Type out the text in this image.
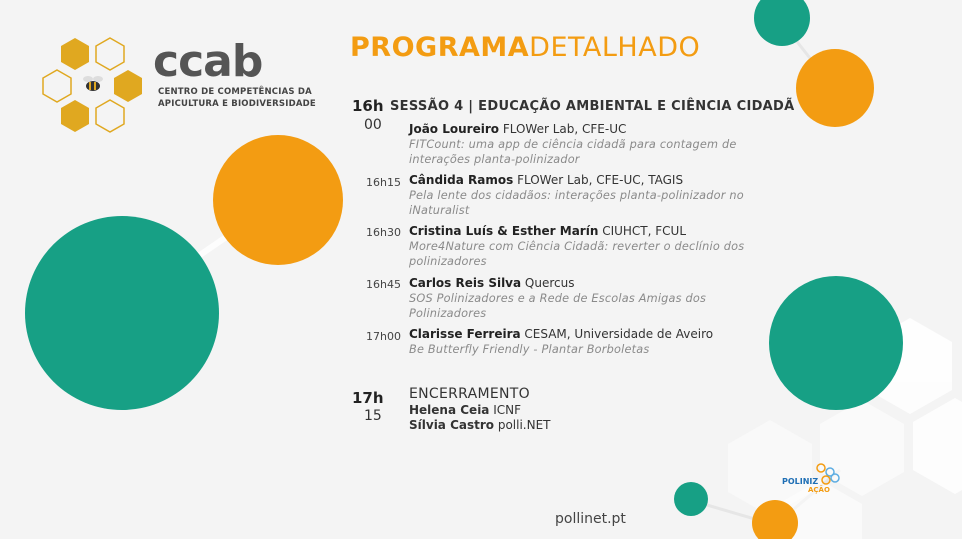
ccab
CENTRO DE COMPETÊNCIAS DA
APICULTURA E BIODIVERSIDADE
PROGRAMADETALHADO
16h
00
SESSÃO 4 | EDUCAÇÃO AMBIENTAL E CIÊNCIA CIDADÃ
João Loureiro FLOWer Lab, CFE-UC
FITCount: uma app de ciência cidadã para contagem de
interações planta-polinizador
16h15 Cândida Ramos FLOWer Lab, CFE-UC, TAGIS
Pela lente dos cidadãos: interações planta-polinizador no
iNaturalist
16h30 Cristina Luís & Esther Marín CIUHCT, FCUL
More4Nature com Ciência Cidadã: reverter o declínio dos
polinizadores
16h45 Carlos Reis Silva Quercus
SOS Polinizadores e a Rede de Escolas Amigas dos
Polinizadores
17h00 Clarisse Ferreira CESAM, Universidade de Aveiro
Be Butterfly Friendly - Plantar Borboletas
17h
15
ENCERRAMENTO
Helena Ceia ICNF
Sílvia Castro polli.NET
pollinet.pt
POLINIZ
AÇÃO
